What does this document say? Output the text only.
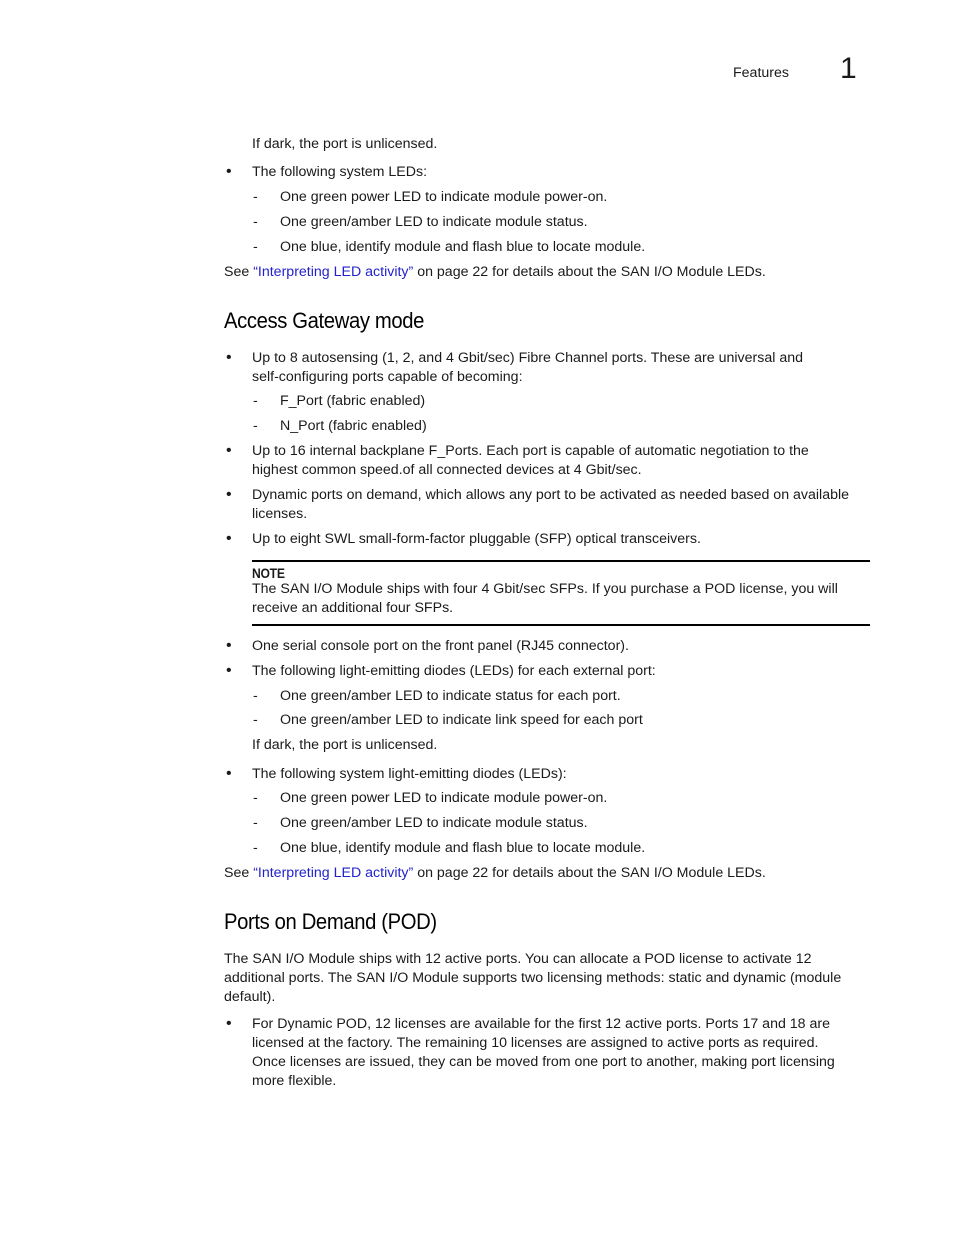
Features 1
If dark, the port is unlicensed.
•	The following system LEDs:
- One green power LED to indicate module power-on.
- One green/amber LED to indicate module status.
- One blue, identify module and flash blue to locate module.
See “Interpreting LED activity” on page 22 for details about the SAN I/O Module LEDs.
Access Gateway mode
•	Up to 8 autosensing (1, 2, and 4 Gbit/sec) Fibre Channel ports. These are universal and
self-configuring ports capable of becoming:
- F_Port (fabric enabled)
- N_Port (fabric enabled)
•	Up to 16 internal backplane F_Ports. Each port is capable of automatic negotiation to the
highest common speed.of all connected devices at 4 Gbit/sec.
•	Dynamic ports on demand, which allows any port to be activated as needed based on available
licenses.
•	Up to eight SWL small-form-factor pluggable (SFP) optical transceivers.
NOTE
The SAN I/O Module ships with four 4 Gbit/sec SFPs. If you purchase a POD license, you will
receive an additional four SFPs.
•	One serial console port on the front panel (RJ45 connector).
•	The following light-emitting diodes (LEDs) for each external port:
- One green/amber LED to indicate status for each port.
- One green/amber LED to indicate link speed for each port
If dark, the port is unlicensed.
•	The following system light-emitting diodes (LEDs):
- One green power LED to indicate module power-on.
- One green/amber LED to indicate module status.
- One blue, identify module and flash blue to locate module.
See “Interpreting LED activity” on page 22 for details about the SAN I/O Module LEDs.
Ports on Demand (POD)
The SAN I/O Module ships with 12 active ports. You can allocate a POD license to activate 12
additional ports. The SAN I/O Module supports two licensing methods: static and dynamic (module
default).
•	For Dynamic POD, 12 licenses are available for the first 12 active ports. Ports 17 and 18 are
licensed at the factory. The remaining 10 licenses are assigned to active ports as required.
Once licenses are issued, they can be moved from one port to another, making port licensing
more flexible.
